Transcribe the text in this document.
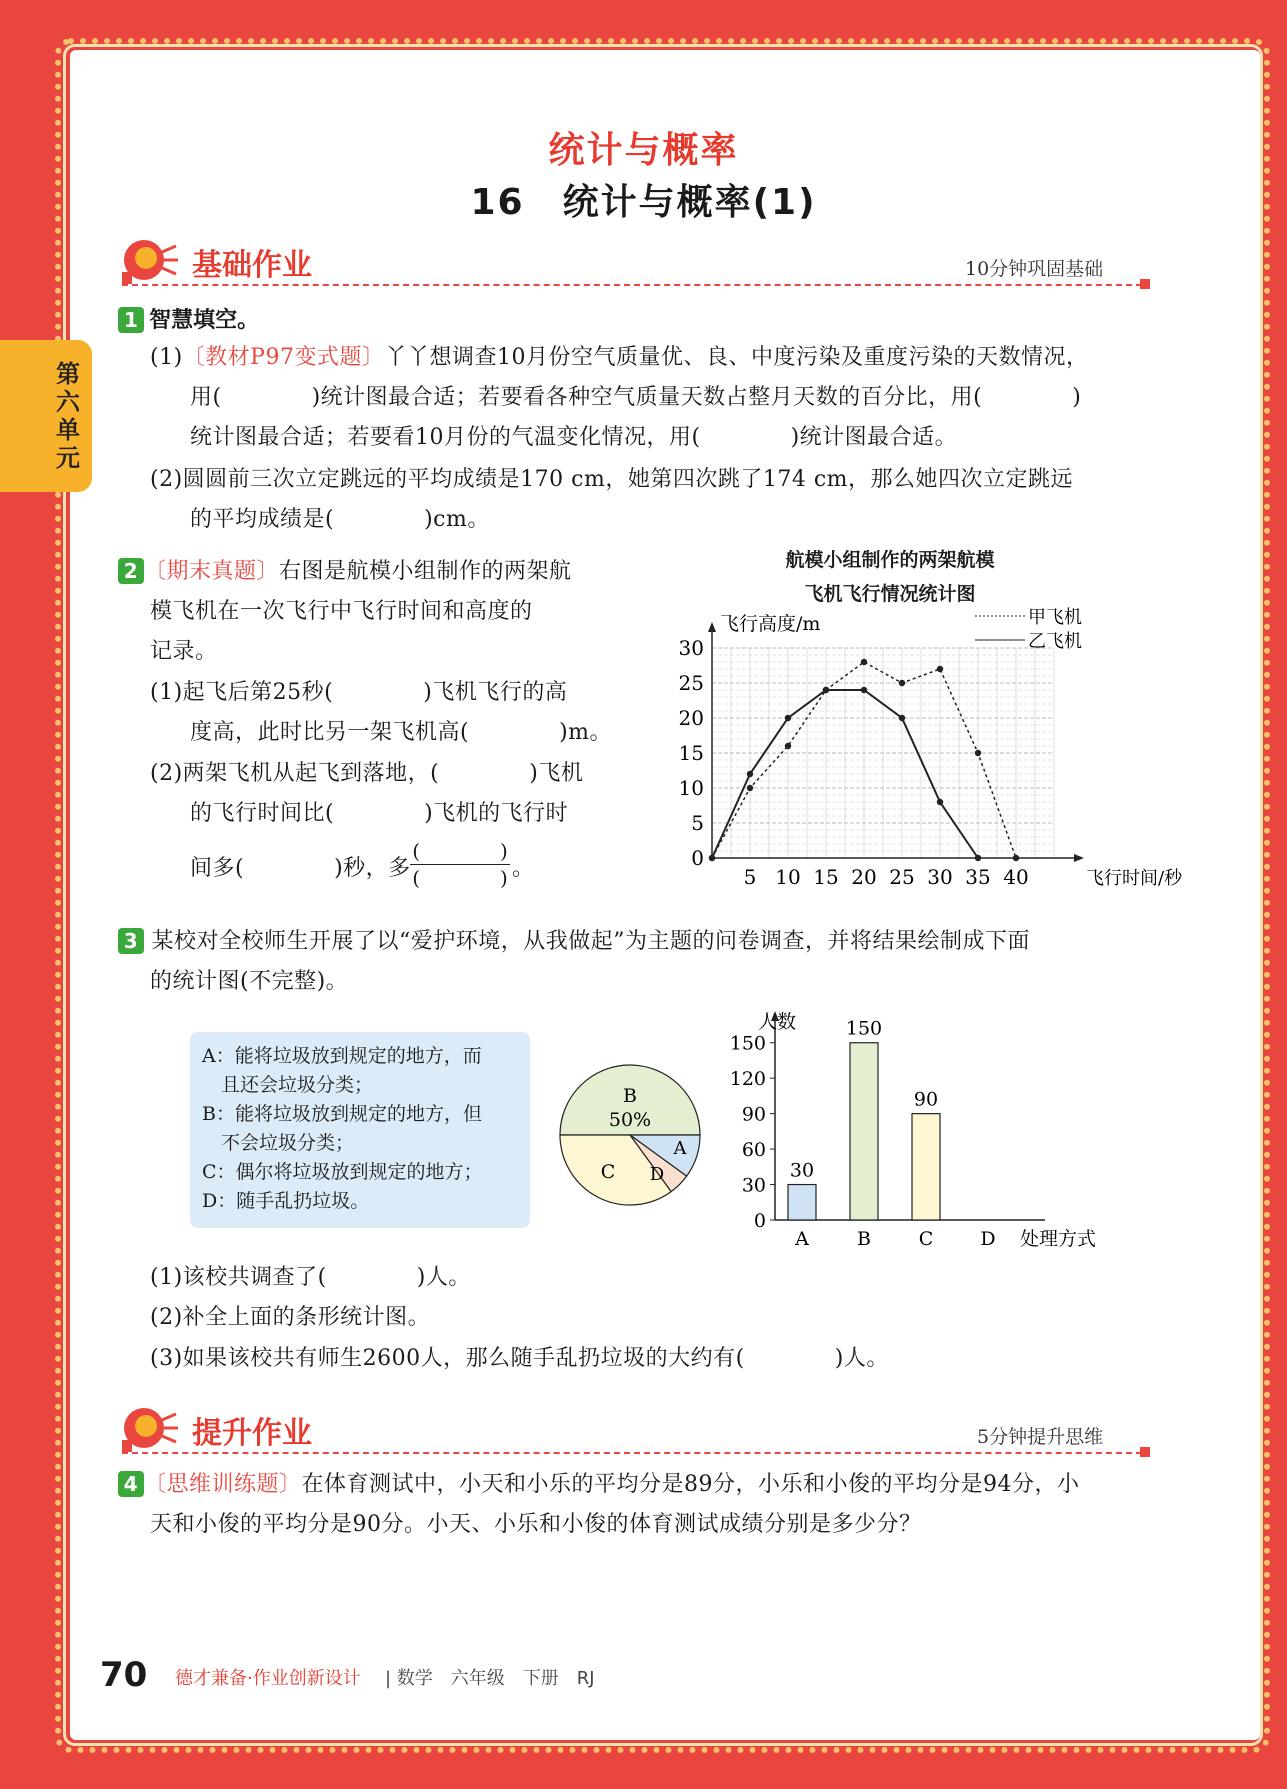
统计与概率
16　统计与概率(1)
第六单元
基础作业	10分钟巩固基础
1 智慧填空。
(1)〔教材P97变式题〕丫丫想调查10月份空气质量优、良、中度污染及重度污染的天数情况，
用(　　　　)统计图最合适；若要看各种空气质量天数占整月天数的百分比，用(　　　　)
统计图最合适；若要看10月份的气温变化情况，用(　　　　)统计图最合适。
(2)圆圆前三次立定跳远的平均成绩是170 cm，她第四次跳了174 cm，那么她四次立定跳远
的平均成绩是(　　　　)cm。
2 〔期末真题〕右图是航模小组制作的两架航
模飞机在一次飞行中飞行时间和高度的
记录。
(1)起飞后第25秒(　　　　)飞机飞行的高
度高，此时比另一架飞机高(　　　　)m。
(2)两架飞机从起飞到落地，(　　　　)飞机
的飞行时间比(　　　　)飞机的飞行时
间多(　　　　)秒，多
(　　　　)
(　　　　) 。
航模小组制作的两架航模
飞机飞行情况统计图
0
5
10
15
20
25
30
5 10 15 20 25 30 35 40
飞行高度/m
飞行时间/秒
甲飞机
乙飞机
3 某校对全校师生开展了以“爱护环境，从我做起”为主题的问卷调查，并将结果绘制成下面
的统计图(不完整)。
A：能将垃圾放到规定的地方，而
　且还会垃圾分类；
B：能将垃圾放到规定的地方，但
　不会垃圾分类；
C：偶尔将垃圾放到规定的地方；
D：随手乱扔垃圾。
B
50%
A
D
C
人数
处理方式
0
30
60
90
120
150
30
A
150
B
90
C D
(1)该校共调查了(　　　　)人。
(2)补全上面的条形统计图。
(3)如果该校共有师生2600人，那么随手乱扔垃圾的大约有(　　　　)人。
提升作业	5分钟提升思维
4 〔思维训练题〕在体育测试中，小天和小乐的平均分是89分，小乐和小俊的平均分是94分，小
天和小俊的平均分是90分。小天、小乐和小俊的体育测试成绩分别是多少分？
70 德才兼备·作业创新设计 | 数学　六年级　下册　RJ
